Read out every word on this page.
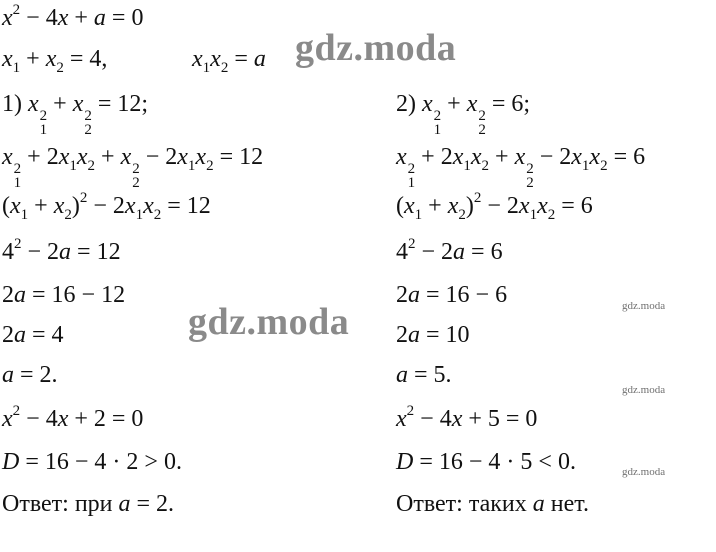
$x^2 - 4x + a = 0$
$x_1 + x_2 = 4$,	$x_1x_2 = a$
1) x 2
1
+ x 2
2
= 12;
x 2
1
+ $2x_1x_2 + x$ 2
2
− $2x_1x_2 = 12$
$(x_1 + x_2)^2 - 2x_1x_2 = 12$
$4^2 - 2a = 12$
2a = 16 − 12
2a = 4
a = 2.
$x^2 - 4x + 2 = 0$
D = 16 − 4 · 2 > 0.
Ответ: при a = 2.
2) x 2
1
+ x 2
2
= 6;
x 2
1
+ $2x_1x_2 + x$ 2
2
− $2x_1x_2 = 6$
$(x_1 + x_2)^2 - 2x_1x_2 = 6$
$4^2 - 2a = 6$
2a = 16 − 6
2a = 10
a = 5.
$x^2 - 4x + 5 = 0$
D = 16 − 4 · 5 < 0.
Ответ: таких a нет.
gdz.moda
gdz.moda	gdz.moda
gdz.moda
gdz.moda
